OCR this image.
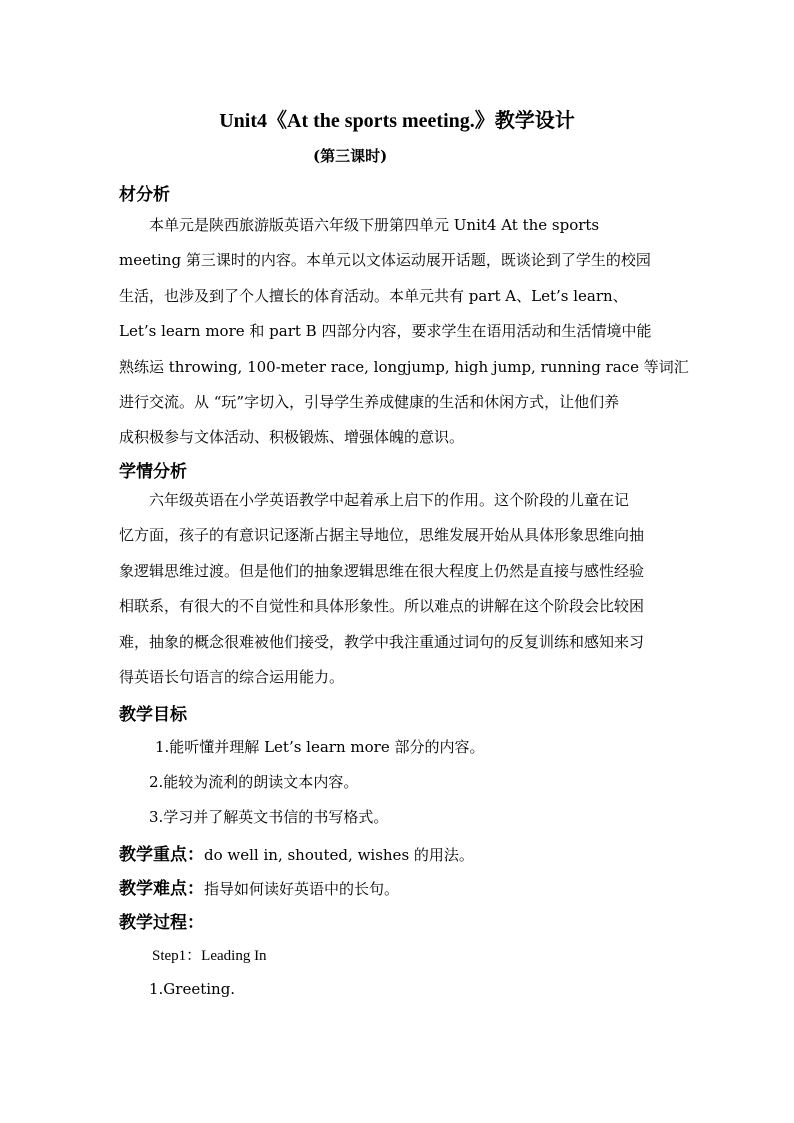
Unit4《At the sports meeting.》教学设计
(第三课时)
材分析
　　本单元是陕西旅游版英语六年级下册第四单元 Unit4 At the sports
meeting 第三课时的内容。本单元以文体运动展开话题，既谈论到了学生的校园
生活，也涉及到了个人擅长的体育活动。本单元共有 part A、Let’s learn、
Let’s learn more 和 part B 四部分内容，要求学生在语用活动和生活情境中能
熟练运 throwing, 100-meter race, longjump, high jump, running race 等词汇
进行交流。从 “玩”字切入，引导学生养成健康的生活和休闲方式，让他们养
成积极参与文体活动、积极锻炼、增强体魄的意识。
学情分析
　　六年级英语在小学英语教学中起着承上启下的作用。这个阶段的儿童在记
忆方面，孩子的有意识记逐渐占据主导地位，思维发展开始从具体形象思维向抽
象逻辑思维过渡。但是他们的抽象逻辑思维在很大程度上仍然是直接与感性经验
相联系，有很大的不自觉性和具体形象性。所以难点的讲解在这个阶段会比较困
难，抽象的概念很难被他们接受，教学中我注重通过词句的反复训练和感知来习
得英语长句语言的综合运用能力。
教学目标
1.能听懂并理解 Let’s learn more 部分的内容。
2.能较为流利的朗读文本内容。
3.学习并了解英文书信的书写格式。
教学重点：do well in, shouted, wishes 的用法。
教学难点：指导如何读好英语中的长句。
教学过程：
Step1：Leading In
1.Greeting.
